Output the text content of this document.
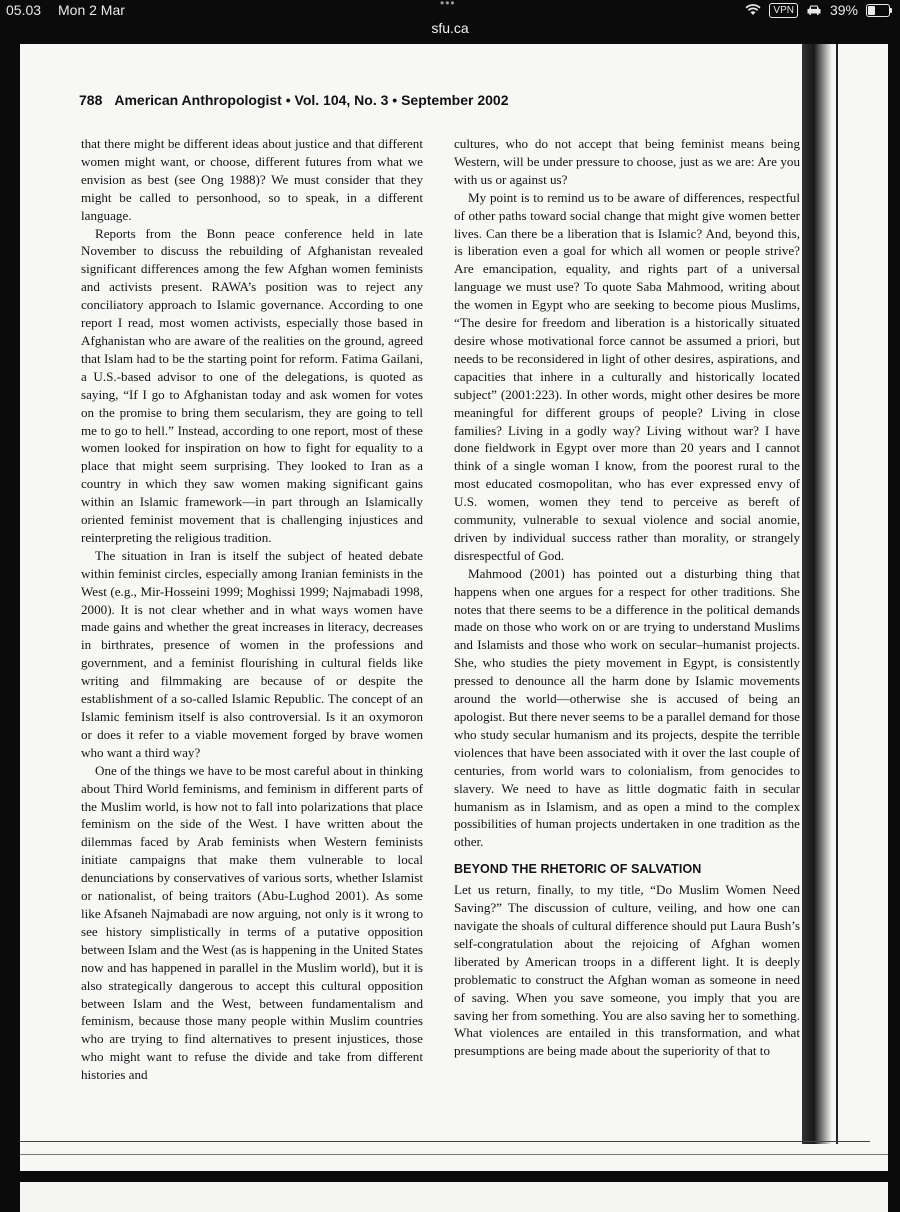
05.03 Mon 2 Mar	•••	VPN	39%
sfu.ca
788 American Anthropologist • Vol. 104, No. 3 • September 2002

that there might be different ideas about justice and that different women might want, or choose, different futures from what we envision as best (see Ong 1988)? We must consider that they might be called to personhood, so to speak, in a different language.

Reports from the Bonn peace conference held in late November to discuss the rebuilding of Afghanistan revealed significant differences among the few Afghan women feminists and activists present. RAWA’s position was to reject any conciliatory approach to Islamic governance. According to one report I read, most women activists, especially those based in Afghanistan who are aware of the realities on the ground, agreed that Islam had to be the starting point for reform. Fatima Gailani, a U.S.-based advisor to one of the delegations, is quoted as saying, “If I go to Afghanistan today and ask women for votes on the promise to bring them secularism, they are going to tell me to go to hell.” Instead, according to one report, most of these women looked for inspiration on how to fight for equality to a place that might seem surprising. They looked to Iran as a country in which they saw women making significant gains within an Islamic framework—in part through an Islamically oriented feminist movement that is challenging injustices and reinterpreting the religious tradition.

The situation in Iran is itself the subject of heated debate within feminist circles, especially among Iranian feminists in the West (e.g., Mir-Hosseini 1999; Moghissi 1999; Najmabadi 1998, 2000). It is not clear whether and in what ways women have made gains and whether the great increases in literacy, decreases in birthrates, presence of women in the professions and government, and a feminist flourishing in cultural fields like writing and filmmaking are because of or despite the establishment of a so-called Islamic Republic. The concept of an Islamic feminism itself is also controversial. Is it an oxymoron or does it refer to a viable movement forged by brave women who want a third way?

One of the things we have to be most careful about in thinking about Third World feminisms, and feminism in different parts of the Muslim world, is how not to fall into polarizations that place feminism on the side of the West. I have written about the dilemmas faced by Arab feminists when Western feminists initiate campaigns that make them vulnerable to local denunciations by conservatives of various sorts, whether Islamist or nationalist, of being traitors (Abu-Lughod 2001). As some like Afsaneh Najmabadi are now arguing, not only is it wrong to see history simplistically in terms of a putative opposition between Islam and the West (as is happening in the United States now and has happened in parallel in the Muslim world), but it is also strategically dangerous to accept this cultural opposition between Islam and the West, between fundamentalism and feminism, because those many people within Muslim countries who are trying to find alternatives to present injustices, those who might want to refuse the divide and take from different histories and

cultures, who do not accept that being feminist means being Western, will be under pressure to choose, just as we are: Are you with us or against us?

My point is to remind us to be aware of differences, respectful of other paths toward social change that might give women better lives. Can there be a liberation that is Islamic? And, beyond this, is liberation even a goal for which all women or people strive? Are emancipation, equality, and rights part of a universal language we must use? To quote Saba Mahmood, writing about the women in Egypt who are seeking to become pious Muslims, “The desire for freedom and liberation is a historically situated desire whose motivational force cannot be assumed a priori, but needs to be reconsidered in light of other desires, aspirations, and capacities that inhere in a culturally and historically located subject” (2001:223). In other words, might other desires be more meaningful for different groups of people? Living in close families? Living in a godly way? Living without war? I have done fieldwork in Egypt over more than 20 years and I cannot think of a single woman I know, from the poorest rural to the most educated cosmopolitan, who has ever expressed envy of U.S. women, women they tend to perceive as bereft of community, vulnerable to sexual violence and social anomie, driven by individual success rather than morality, or strangely disrespectful of God.

Mahmood (2001) has pointed out a disturbing thing that happens when one argues for a respect for other traditions. She notes that there seems to be a difference in the political demands made on those who work on or are trying to understand Muslims and Islamists and those who work on secular–humanist projects. She, who studies the piety movement in Egypt, is consistently pressed to denounce all the harm done by Islamic movements around the world—otherwise she is accused of being an apologist. But there never seems to be a parallel demand for those who study secular humanism and its projects, despite the terrible violences that have been associated with it over the last couple of centuries, from world wars to colonialism, from genocides to slavery. We need to have as little dogmatic faith in secular humanism as in Islamism, and as open a mind to the complex possibilities of human projects undertaken in one tradition as the other.

BEYOND THE RHETORIC OF SALVATION

Let us return, finally, to my title, “Do Muslim Women Need Saving?” The discussion of culture, veiling, and how one can navigate the shoals of cultural difference should put Laura Bush’s self-congratulation about the rejoicing of Afghan women liberated by American troops in a different light. It is deeply problematic to construct the Afghan woman as someone in need of saving. When you save someone, you imply that you are saving her from something. You are also saving her to something. What violences are entailed in this transformation, and what presumptions are being made about the superiority of that to
